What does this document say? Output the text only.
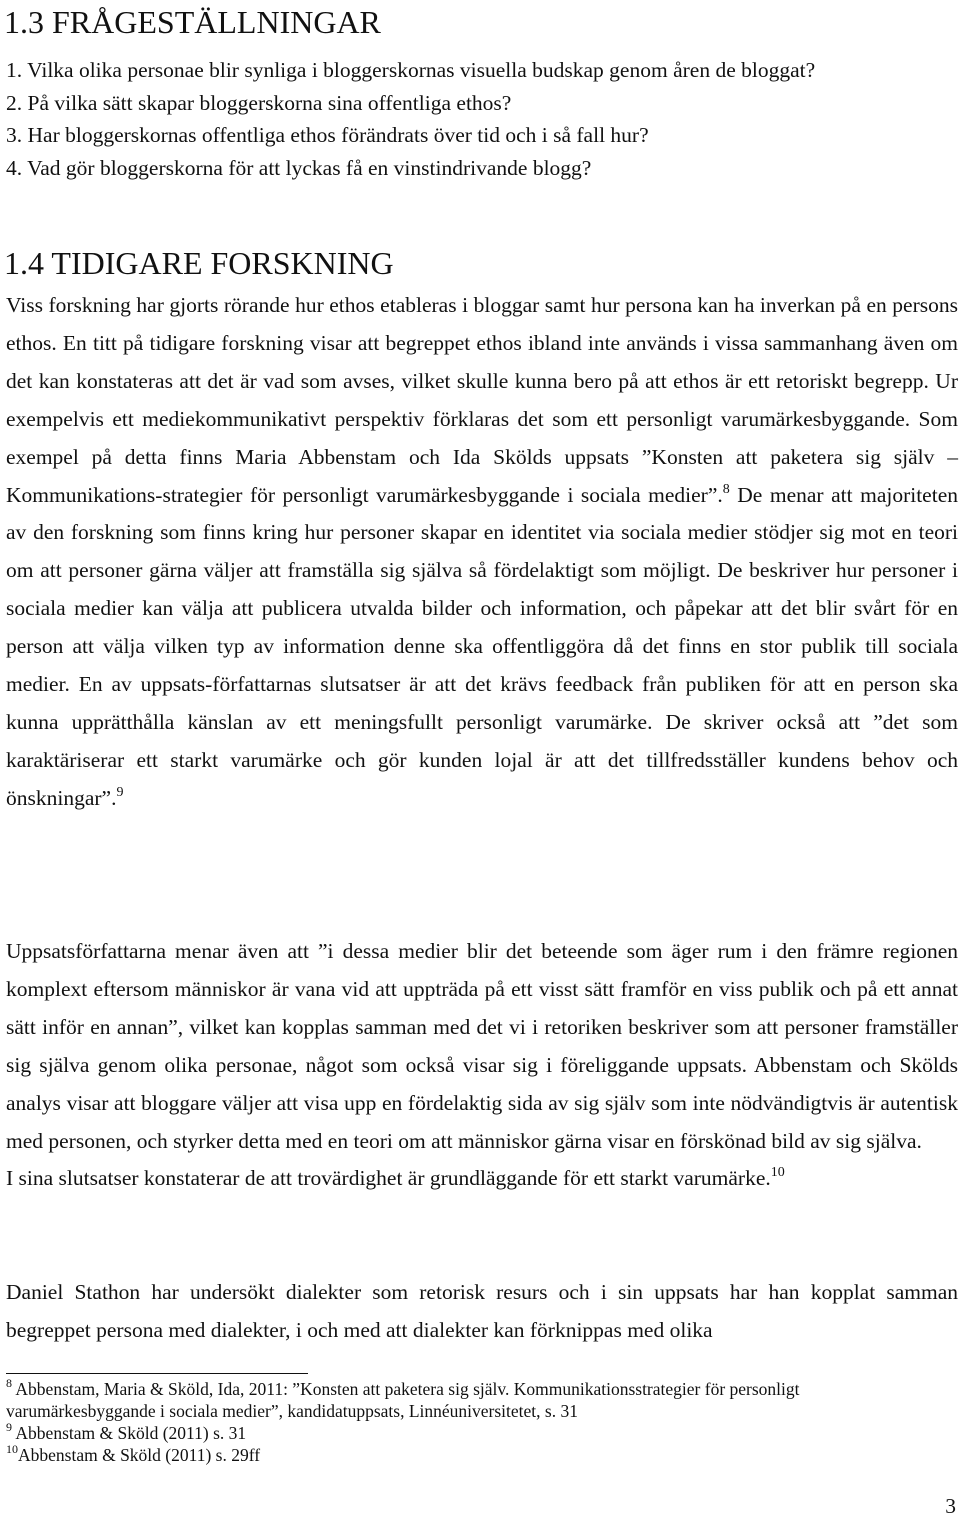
1.3 FRÅGESTÄLLNINGAR
1. Vilka olika personae blir synliga i bloggerskornas visuella budskap genom åren de bloggat?
2. På vilka sätt skapar bloggerskorna sina offentliga ethos?
3. Har bloggerskornas offentliga ethos förändrats över tid och i så fall hur?
4. Vad gör bloggerskorna för att lyckas få en vinstindrivande blogg?
1.4 TIDIGARE FORSKNING

Viss forskning har gjorts rörande hur ethos etableras i bloggar samt hur persona kan ha inverkan på en persons ethos. En titt på tidigare forskning visar att begreppet ethos ibland inte används i vissa sammanhang även om det kan konstateras att det är vad som avses, vilket skulle kunna bero på att ethos är ett retoriskt begrepp. Ur exempelvis ett mediekommunikativt perspektiv förklaras det som ett personligt varumärkesbyggande. Som exempel på detta finns Maria Abbenstam och Ida Skölds uppsats ”Konsten att paketera sig själv – Kommunikations-strategier för personligt varumärkesbyggande i sociala medier”.$^8$ De menar att majoriteten av den forskning som finns kring hur personer skapar en identitet via sociala medier stödjer sig mot en teori om att personer gärna väljer att framställa sig själva så fördelaktigt som möjligt. De beskriver hur personer i sociala medier kan välja att publicera utvalda bilder och information, och påpekar att det blir svårt för en person att välja vilken typ av information denne ska offentliggöra då det finns en stor publik till sociala medier. En av uppsats-författarnas slutsatser är att det krävs feedback från publiken för att en person ska kunna upprätthålla känslan av ett meningsfullt personligt varumärke. De skriver också att ”det som karaktäriserar ett starkt varumärke och gör kunden lojal är att det tillfredsställer kundens behov och önskningar”.$^9$

Uppsatsförfattarna menar även att ”i dessa medier blir det beteende som äger rum i den främre regionen komplext eftersom människor är vana vid att uppträda på ett visst sätt framför en viss publik och på ett annat sätt inför en annan”, vilket kan kopplas samman med det vi i retoriken beskriver som att personer framställer sig själva genom olika personae, något som också visar sig i föreliggande uppsats. Abbenstam och Skölds analys visar att bloggare väljer att visa upp en fördelaktig sida av sig själv som inte nödvändigtvis är autentisk med personen, och styrker detta med en teori om att människor gärna visar en förskönad bild av sig själva.
I sina slutsatser konstaterar de att trovärdighet är grundläggande för ett starkt varumärke.$^{10}$

Daniel Stathon har undersökt dialekter som retorisk resurs och i sin uppsats har han kopplat samman begreppet persona med dialekter, i och med att dialekter kan förknippas med olika

$^8$ Abbenstam, Maria & Sköld, Ida, 2011: ”Konsten att paketera sig själv. Kommunikationsstrategier för personligt varumärkesbyggande i sociala medier”, kandidatuppsats, Linnéuniversitetet, s. 31
$^9$ Abbenstam & Sköld (2011) s. 31
$^{10}$Abbenstam & Sköld (2011) s. 29ff
3
